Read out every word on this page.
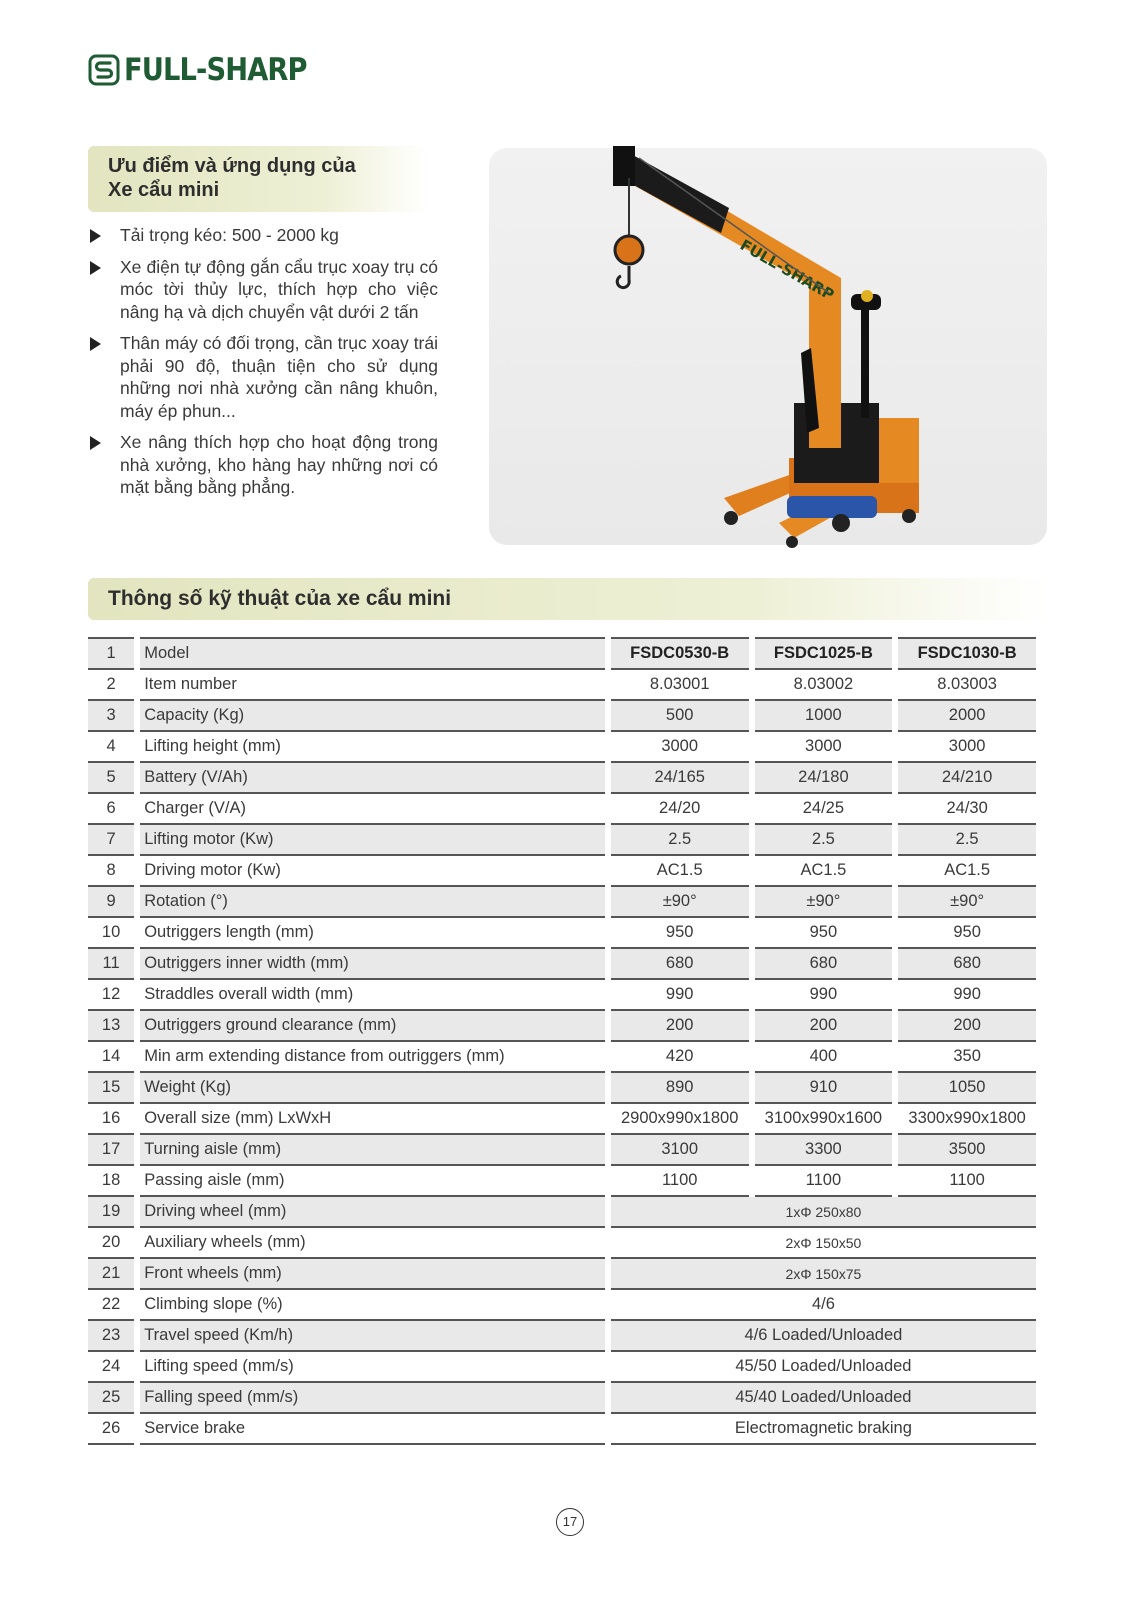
FULL-SHARP
Ưu điểm và ứng dụng của
Xe cẩu mini
Tải trọng kéo: 500 - 2000 kg
Xe điện tự động gắn cẩu trục xoay trụ có móc tời thủy lực, thích hợp cho việc nâng hạ và dịch chuyển vật dưới 2 tấn
Thân máy có đối trọng, cần trục xoay trái phải 90 độ, thuận tiện cho sử dụng những nơi nhà xưởng cần nâng khuôn, máy ép phun...
Xe nâng thích hợp cho hoạt động trong nhà xưởng, kho hàng hay những nơi có mặt bằng bằng phẳng.
FULL-SHARP
Thông số kỹ thuật của xe cẩu mini
1	Model	FSDC0530-B	FSDC1025-B	FSDC1030-B
2	Item number	8.03001	8.03002	8.03003
3	Capacity (Kg)	500	1000	2000
4	Lifting height (mm)	3000	3000	3000
5	Battery (V/Ah)	24/165	24/180	24/210
6	Charger (V/A)	24/20	24/25	24/30
7	Lifting motor (Kw)	2.5	2.5	2.5
8	Driving motor (Kw)	AC1.5	AC1.5	AC1.5
9	Rotation (°)	±90°	±90°	±90°
10	Outriggers length (mm)	950	950	950
11	Outriggers inner width (mm)	680	680	680
12	Straddles overall width (mm)	990	990	990
13	Outriggers ground clearance (mm)	200	200	200
14	Min arm extending distance from outriggers (mm)	420	400	350
15	Weight (Kg)	890	910	1050
16	Overall size (mm) LxWxH	2900x990x1800	3100x990x1600	3300x990x1800
17	Turning aisle (mm)	3100	3300	3500
18	Passing aisle (mm)	1100	1100	1100
19	Driving wheel (mm)	1xΦ 250x80		
20	Auxiliary wheels (mm)	2xΦ 150x50		
21	Front wheels (mm)	2xΦ 150x75		
22	Climbing slope (%)	4/6		
23	Travel speed (Km/h)	4/6 Loaded/Unloaded		
24	Lifting speed (mm/s)	45/50 Loaded/Unloaded		
25	Falling speed (mm/s)	45/40 Loaded/Unloaded		
26	Service brake	Electromagnetic braking		
17
